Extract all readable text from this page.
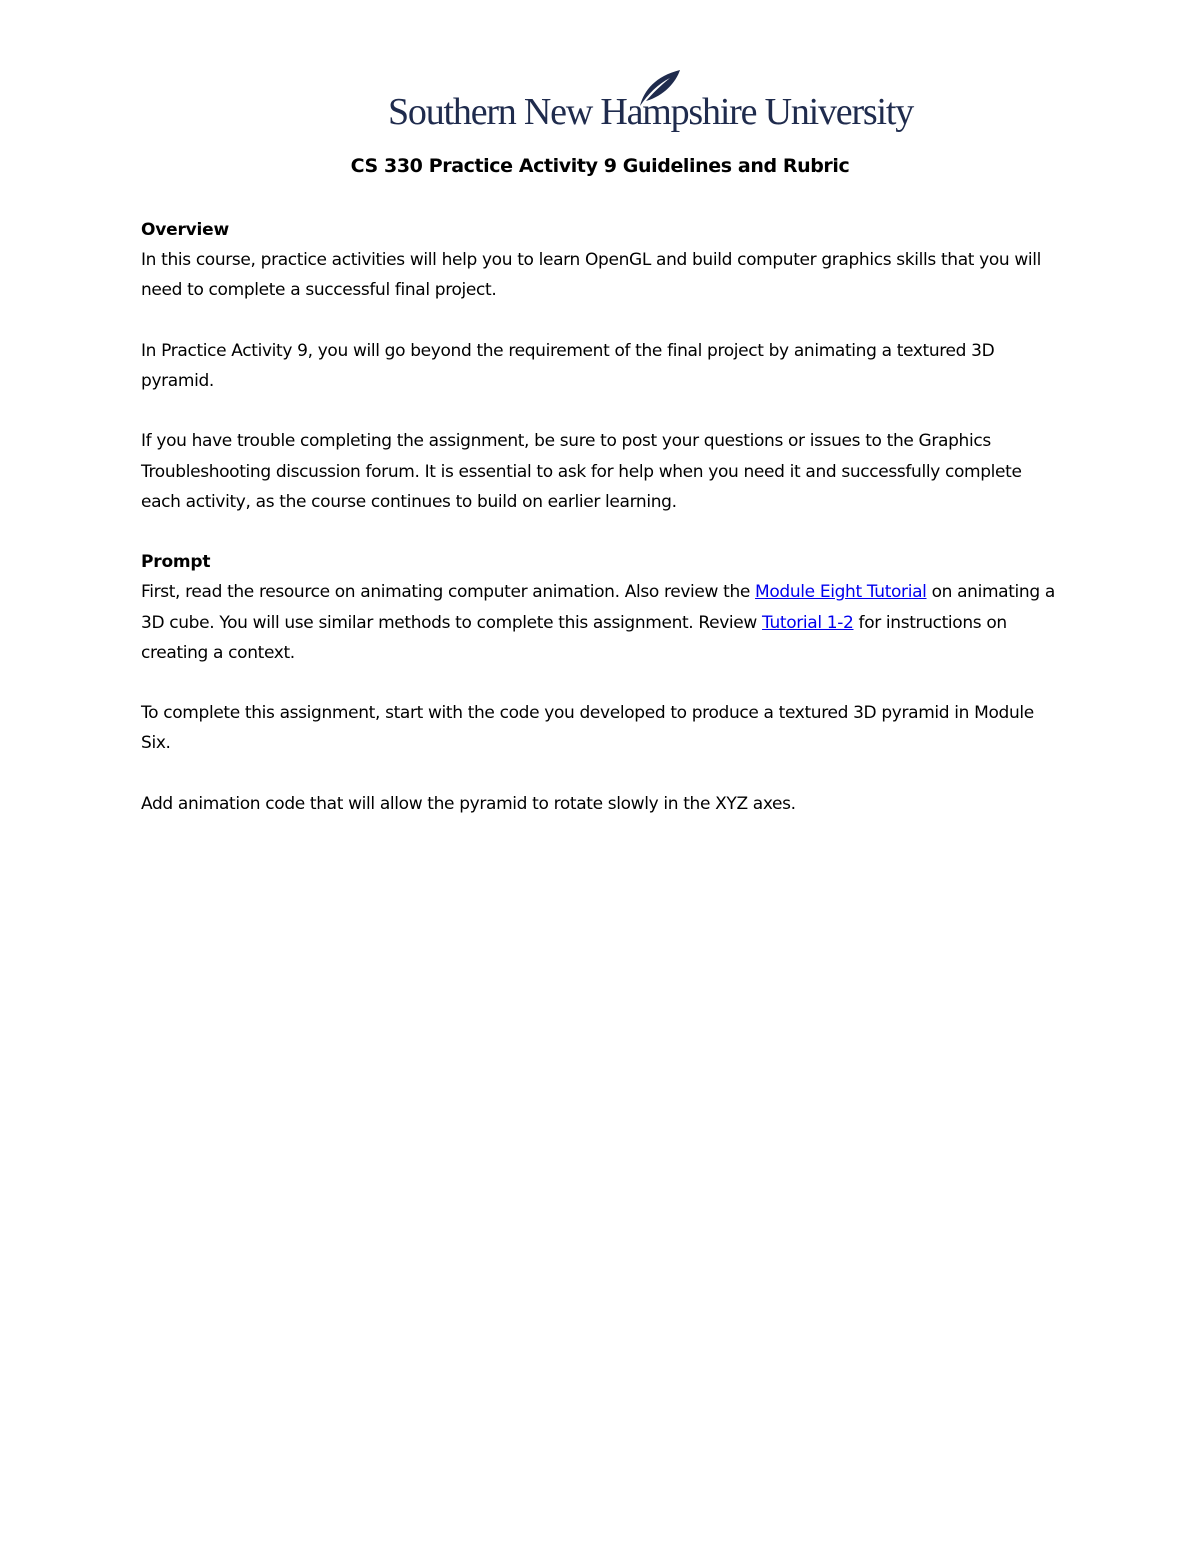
Southern New Hampshire University
CS 330 Practice Activity 9 Guidelines and Rubric
Overview

In this course, practice activities will help you to learn OpenGL and build computer graphics skills that you will need to complete a successful final project.

In Practice Activity 9, you will go beyond the requirement of the final project by animating a textured 3D pyramid.

If you have trouble completing the assignment, be sure to post your questions or issues to the Graphics Troubleshooting discussion forum. It is essential to ask for help when you need it and successfully complete each activity, as the course continues to build on earlier learning.

Prompt

First, read the resource on animating computer animation. Also review the Module Eight Tutorial on animating a 3D cube. You will use similar methods to complete this assignment. Review Tutorial 1-2 for instructions on creating a context.

To complete this assignment, start with the code you developed to produce a textured 3D pyramid in Module Six.

Add animation code that will allow the pyramid to rotate slowly in the XYZ axes.
